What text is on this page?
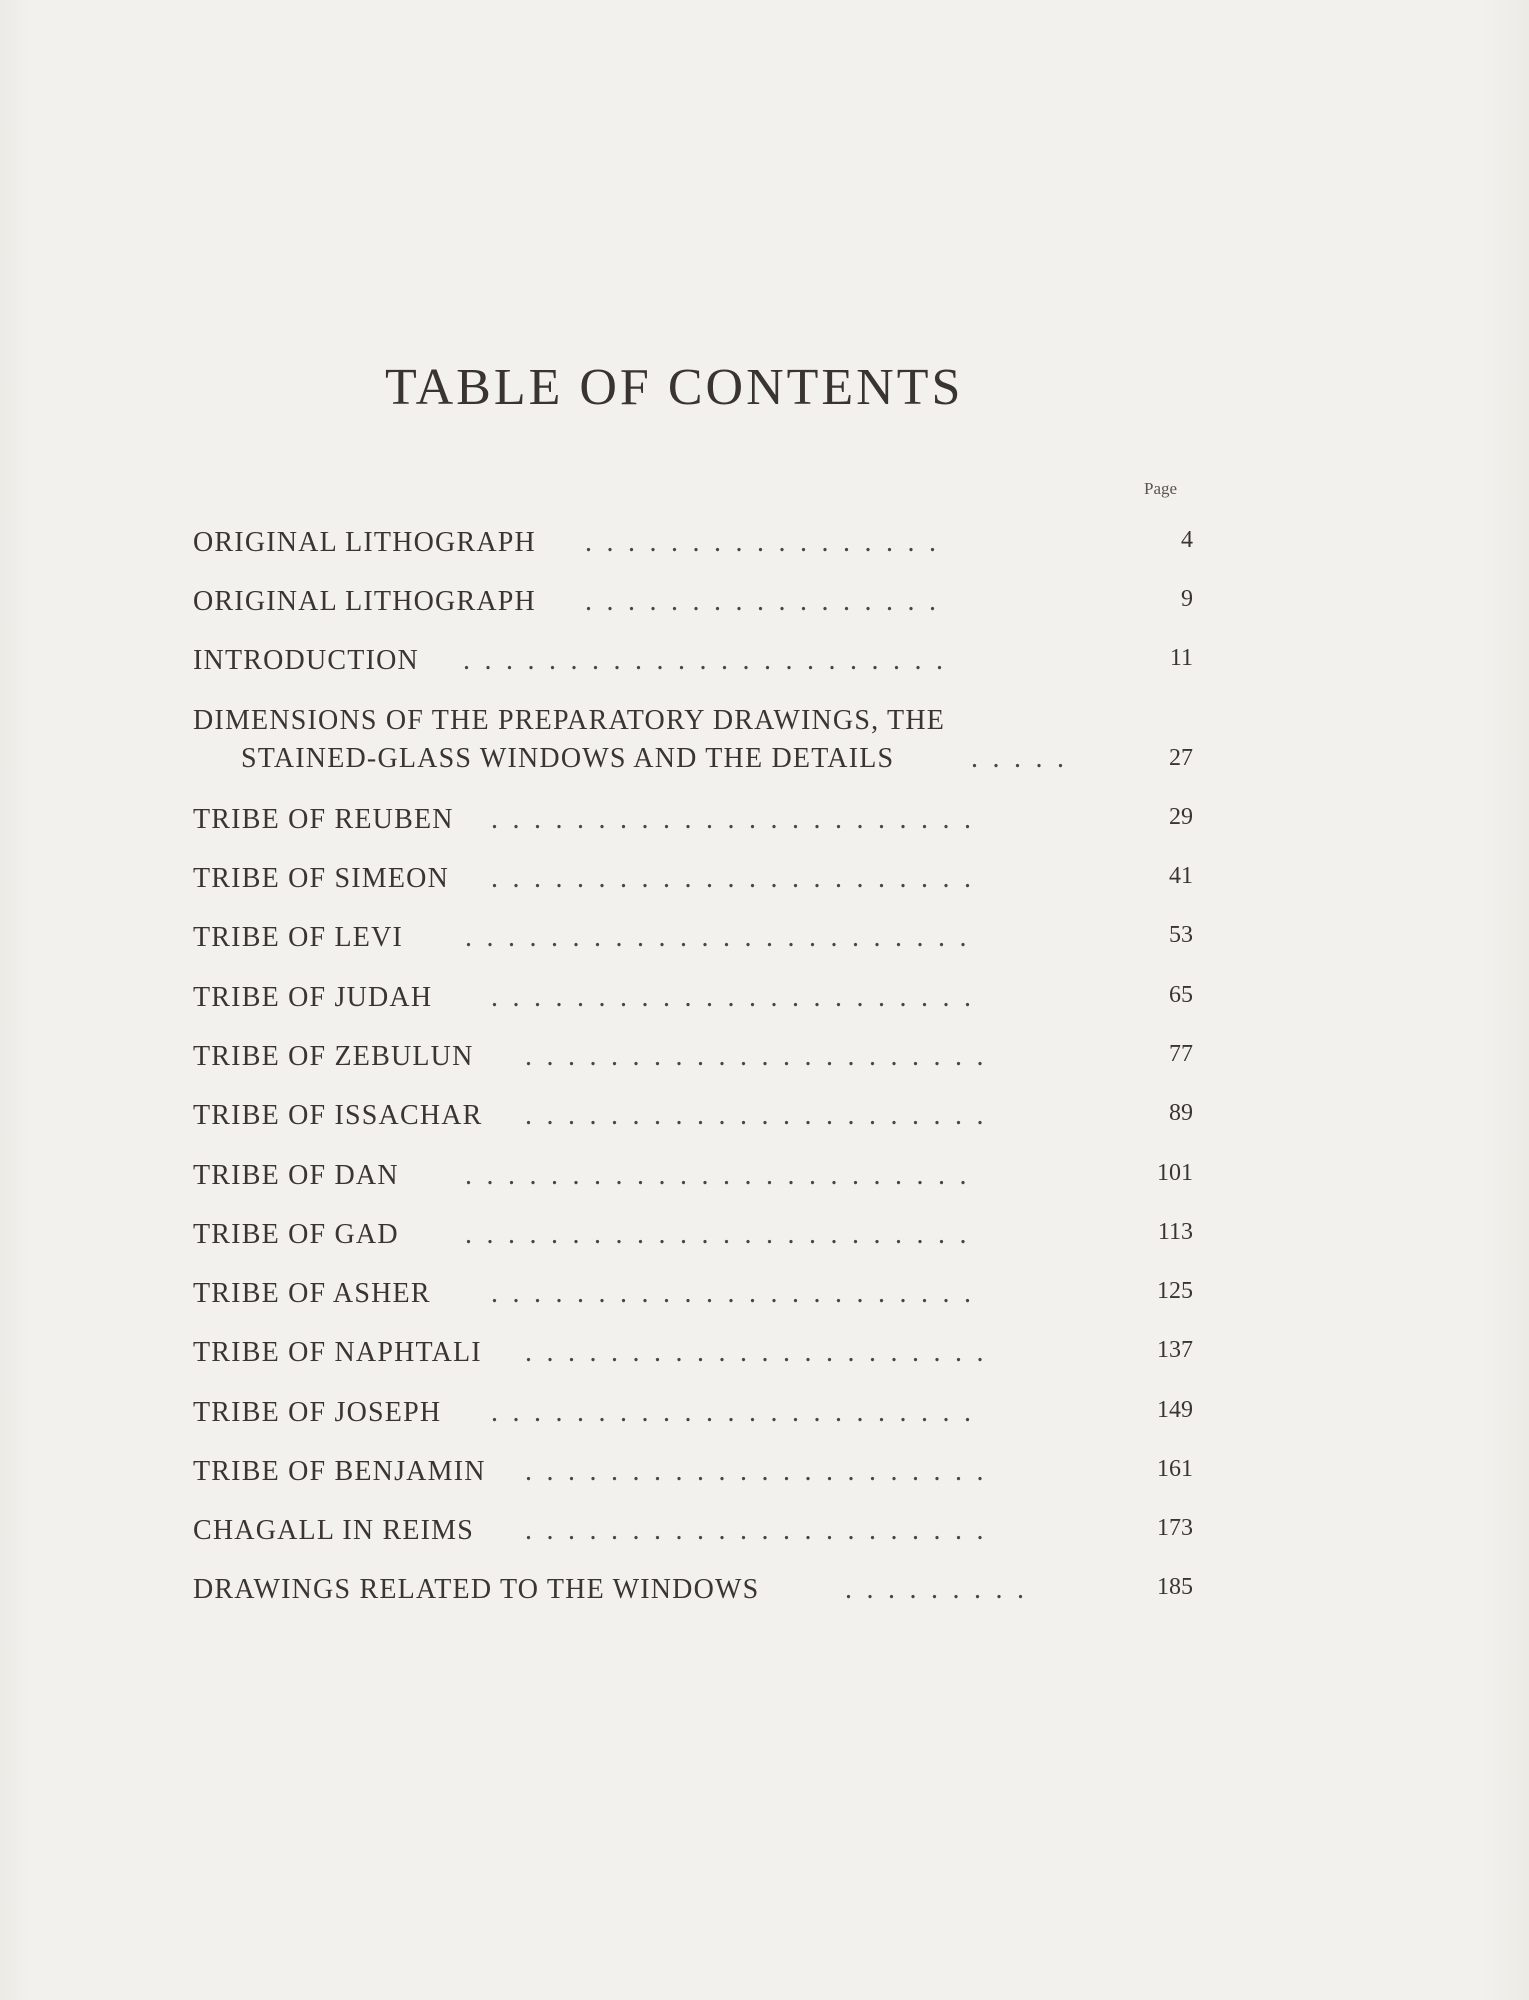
TABLE OF CONTENTS
Page
ORIGINAL LITHOGRAPH .................	4
ORIGINAL LITHOGRAPH .................	9
INTRODUCTION .......................	11
DIMENSIONS OF THE PREPARATORY DRAWINGS, THE
STAINED-GLASS WINDOWS AND THE DETAILS	.....	27
TRIBE OF REUBEN .......................	29
TRIBE OF SIMEON .......................	41
TRIBE OF LEVI ........................	53
TRIBE OF JUDAH .......................	65
TRIBE OF ZEBULUN ......................	77
TRIBE OF ISSACHAR ......................	89
TRIBE OF DAN ........................	101
TRIBE OF GAD ........................	113
TRIBE OF ASHER .......................	125
TRIBE OF NAPHTALI ......................	137
TRIBE OF JOSEPH .......................	149
TRIBE OF BENJAMIN ......................	161
CHAGALL IN REIMS ......................	173
DRAWINGS RELATED TO THE WINDOWS	.........	185
